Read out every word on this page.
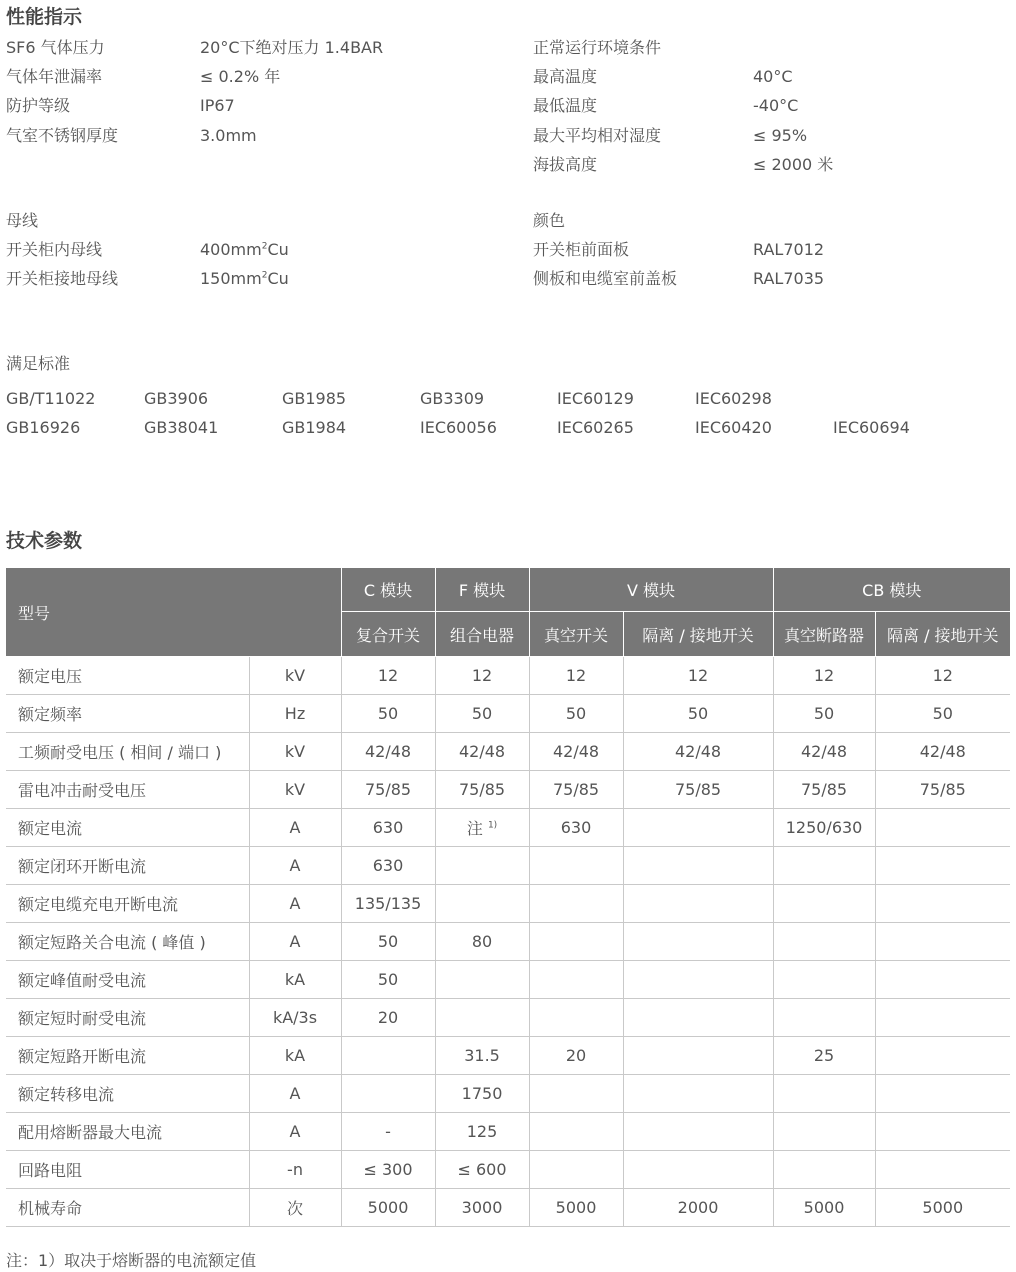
性能指示
SF6 气体压力	20°C下绝对压力 1.4BAR
气体年泄漏率	≤ 0.2% 年
防护等级	IP67
气室不锈钢厚度	3.0mm
正常运行环境条件
最高温度	40°C
最低温度	-40°C
最大平均相对湿度	≤ 95%
海拔高度	≤ 2000 米
母线
开关柜内母线	$400mm^2Cu$
开关柜接地母线	$150mm^2Cu$
颜色
开关柜前面板	RAL7012
侧板和电缆室前盖板	RAL7035
满足标准
GB/T11022	GB3906	GB1985	GB3309	IEC60129	IEC60298
GB16926	GB38041	GB1984	IEC60056	IEC60265	IEC60420	IEC60694
技术参数
型号		C 模块	F 模块	V 模块		CB 模块	
		复合开关	组合电器	真空开关	隔离 / 接地开关	真空断路器	隔离 / 接地开关
额定电压	kV	12	12	12	12	12	12
额定频率	Hz	50	50	50	50	50	50
工频耐受电压 ( 相间 / 端口 )	kV	42/48	42/48	42/48	42/48	42/48	42/48
雷电冲击耐受电压	kV	75/85	75/85	75/85	75/85	75/85	75/85
额定电流	A	630	注 $^{1)}$	630		1250/630	
额定闭环开断电流	A	630					
额定电缆充电开断电流	A	135/135					
额定短路关合电流 ( 峰值 )	A	50	80				
额定峰值耐受电流	kA	50					
额定短时耐受电流	kA/3s	20					
额定短路开断电流	kA		31.5	20		25	
额定转移电流	A		1750				
配用熔断器最大电流	A	-	125				
回路电阻	-n	≤ 300	≤ 600				
机械寿命	次	5000	3000	5000	2000	5000	5000
注：1）取决于熔断器的电流额定值
